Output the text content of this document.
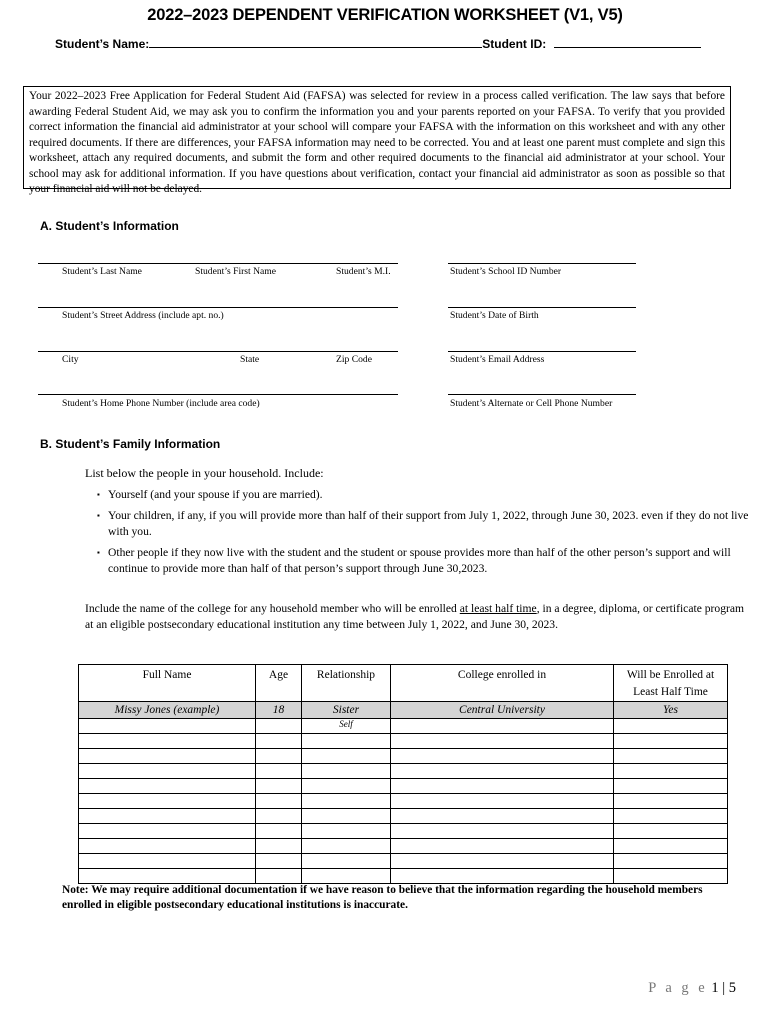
2022–2023 DEPENDENT VERIFICATION WORKSHEET (V1, V5)
Student’s Name:	Student ID:
Your 2022–2023 Free Application for Federal Student Aid (FAFSA) was selected for review in a process called verification. The law says that before awarding Federal Student Aid, we may ask you to confirm the information you and your parents reported on your FAFSA. To verify that you provided correct information the financial aid administrator at your school will compare your FAFSA with the information on this worksheet and with any other required documents. If there are differences, your FAFSA information may need to be corrected. You and at least one parent must complete and sign this worksheet, attach any required documents, and submit the form and other required documents to the financial aid administrator at your school. Your school may ask for additional information. If you have questions about verification, contact your financial aid administrator as soon as possible so that your financial aid will not be delayed.
A. Student’s Information
Student’s Last Name	Student’s First Name	Student’s M.I.	Student’s School ID Number
Student’s Street Address (include apt. no.)	Student’s Date of Birth
City	State	Zip Code	Student’s Email Address
Student’s Home Phone Number (include area code)	Student’s Alternate or Cell Phone Number
B. Student’s Family Information
List below the people in your household. Include:
▪ Yourself (and your spouse if you are married).
▪ Your children, if any, if you will provide more than half of their support from July 1, 2022, through June 30, 2023. even if they do not live with you.
▪ Other people if they now live with the student and the student or spouse provides more than half of the other person’s support and will continue to provide more than half of that person’s support through June 30,2023.
Include the name of the college for any household member who will be enrolled at least half time, in a degree, diploma, or certificate program at an eligible postsecondary educational institution any time between July 1, 2022, and June 30, 2023.
Full Name	Age	Relationship	College enrolled in	Will be Enrolled at Least Half Time
Missy Jones (example)	18	Sister	Central University	Yes
		Self		

Note: We may require additional documentation if we have reason to believe that the information regarding the household members enrolled in eligible postsecondary educational institutions is inaccurate.
P a g e 1 | 5
